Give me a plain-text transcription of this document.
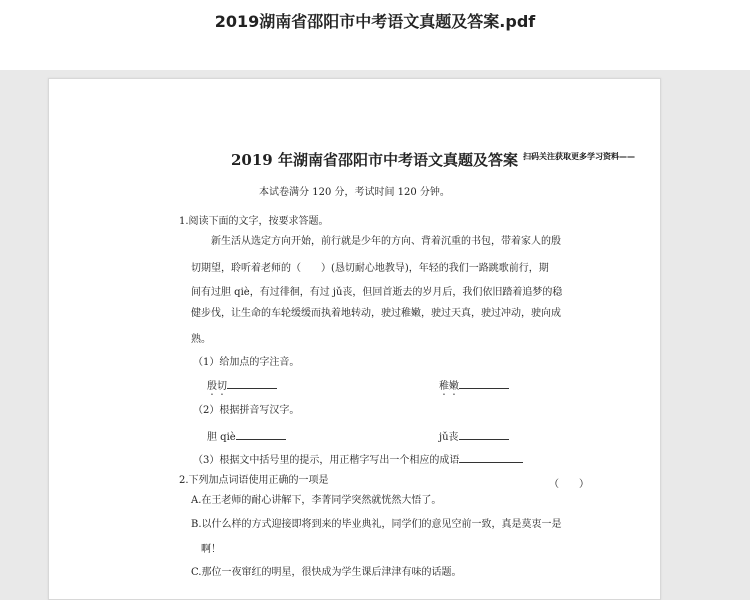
2019湖南省邵阳市中考语文真题及答案.pdf
2019 年湖南省邵阳市中考语文真题及答案 扫码关注获取更多学习资料——
本试卷满分 120 分，考试时间 120 分钟。
1.阅读下面的文字，按要求答题。
新生活从选定方向开始，前行就是少年的方向、背着沉重的书包，带着家人的殷
切期望，聆听着老师的（　　）(恳切耐心地教导)，年轻的我们一路跳歌前行，期
间有过胆 qiè，有过徘徊，有过 jǔ丧，但回首逝去的岁月后，我们依旧踏着追梦的稳
健步伐，让生命的车轮缓缓而执着地转动，驶过稚嫩，驶过天真，驶过冲动，驶向成
熟。
（1）给加点的字注音。
殷切	稚嫩
（2）根据拼音写汉字。
胆 qiè	jǔ丧
（3）根据文中括号里的提示，用正楷字写出一个相应的成语
2.下列加点词语使用正确的一项是	（　　）
A.在王老师的耐心讲解下，李菁同学突然就恍然大悟了。
B.以什么样的方式迎接即将到来的毕业典礼，同学们的意见空前一致，真是莫衷一是
啊！
C.那位一夜窜红的明星，很快成为学生课后津津有味的话题。
